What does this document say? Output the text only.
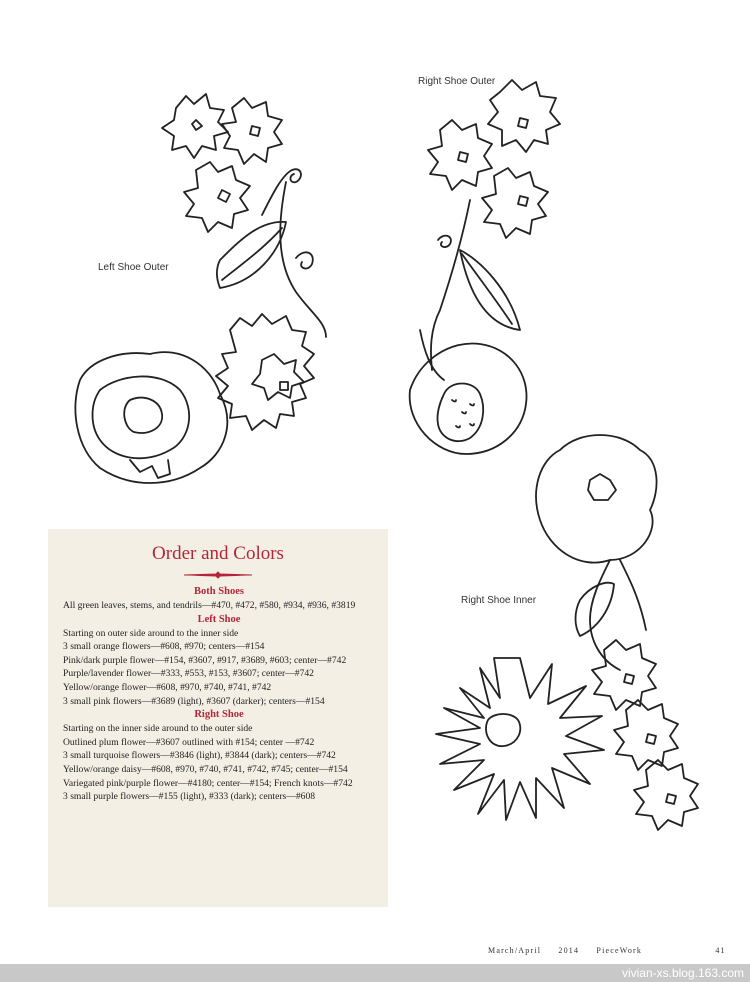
Left Shoe Outer
Right Shoe Outer
Right Shoe Inner
Order and Colors
Both Shoes
All green leaves, stems, and tendrils—#470, #472, #580, #934, #936, #3819
Left Shoe
Starting on outer side around to the inner side
3 small orange flowers—#608, #970; centers—#154
Pink/dark purple flower—#154, #3607, #917, #3689, #603; center—#742
Purple/lavender flower—#333, #553, #153, #3607; center—#742
Yellow/orange flower—#608, #970, #740, #741, #742
3 small pink flowers—#3689 (light), #3607 (darker); centers—#154
Right Shoe
Starting on the inner side around to the outer side
Outlined plum flower—#3607 outlined with #154; center —#742
3 small turquoise flowers—#3846 (light), #3844 (dark); centers—#742
Yellow/orange daisy—#608, #970, #740, #741, #742, #745; center—#154
Variegated pink/purple flower—#4180; center—#154; French knots—#742
3 small purple flowers—#155 (light), #333 (dark); centers—#608
March/April 2014 PieceWork	41
vivian-xs.blog.163.com
